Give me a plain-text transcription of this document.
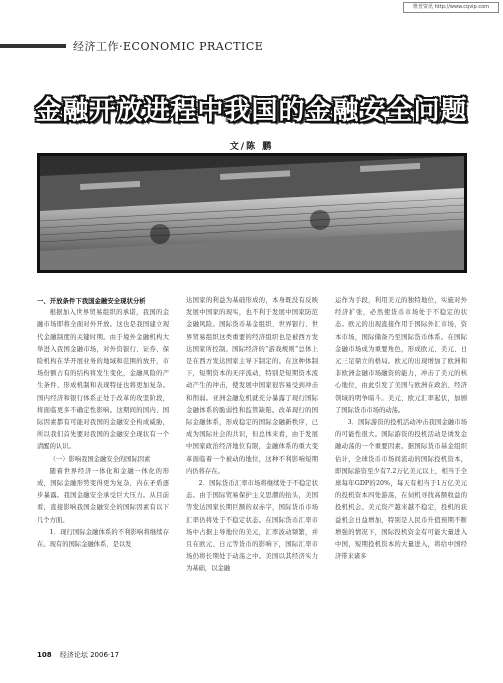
维普资讯 http://www.cqvip.com
经济工作·ECONOMIC PRACTICE
金融开放进程中我国的金融安全问题
文/陈 鹏
一、开放条件下我国金融安全现状分析

根据加入世界贸易组织的承诺，我国的金融市场即将全面对外开放。这也是我国建立现代金融制度的关键时期。由于境外金融机构大举进入我国金融市场，对外资银行、证券、保险机构在华开展业务的地域和范围的放开，市场份额占有的结构将发生变化，金融风险的产生条件、形成机制和表现特征也将更加复杂。国内经济和银行体系正处于改革的攻坚阶段，将面临更多不确定性影响。这期间的国内、国际因素都有可能对我国的金融安全构成威胁，所以我们首先要对我国的金融安全现状有一个清醒的认识。

（一）影响我国金融安全的国际因素

随着世界经济一体化和金融一体化的形成，国际金融形势变得更为复杂，内在矛盾逐步暴露。我国金融安全承受巨大压力。从目前看，直接影响我国金融安全的国际因素有以下几个方面。

1．现行国际金融体系的不利影响将继续存在。现有的国际金融体系，是以发

达国家的利益为基础形成的，本身既没有反映发展中国家的现实，也不利于发展中国家防范金融风险。国际货币基金组织、世界银行、世界贸易组织这类重要的经济组织也是被西方发达国家所控制。国际经济的“游戏规则”总体上是在西方发达国家主导下制定的。在这种体制下，短期资本的无序流动，特别是短期资本流动产生的冲击，使发展中国家很容易受到冲击和削弱。亚洲金融危机就充分暴露了现行国际金融体系的脆弱性和监管缺陷。改革现行的国际金融体系，形成稳定的国际金融新秩序，已成为国际社会的共识，但总体来看，由于发展中国家政治经济地位有限，金融体系的重大变革面临着一个被动的地位，这种不利影响短期内仍将存在。

2．国际货币汇率市场将继续处于不稳定状态。由于国际贸易保护主义思潮的抬头，美国等发达国家长期巨额的双赤字，国际货币市场汇率仍将处于不稳定状态。在国际货币汇率市场中占据主导地位的美元，汇率波动频繁，并且在欧元、日元等货币的影响下，国际汇率市场仍将长期处于动荡之中。美国以其经济实力为基础，以金融

运作为手段，利用美元的独特地位，实施对外经济扩张，必然使货币市场处于不稳定的状态。欧元的出现直接作用于国际外汇市场，资本市场，国际储备乃至国际货币体系。在国际金融市场成为重要角色，形成欧元、美元、日元三足鼎立的格局。欧元的出现增加了欧洲和非欧洲金融市场融资的能力，冲击了美元的核心地位，由此引发了美国与欧洲在政治、经济领域的明争暗斗。美元、欧元汇率起伏，加剧了国际货币市场的动荡。

3．国际游资的投机活动冲击我国金融市场的可能性很大。国际游资的投机活动是诱发金融动荡的一个重要因素。据国际货币基金组织估计，全球货币市场间流动的国际投机资本，即国际游资至少有7.2万亿美元以上，相当于全球每年GDP的20%，每天有相当于1万亿美元的投机资本四处游荡，在伺机寻找高额收益的投机机会。美元资产越来越不稳定，投机的获益机会日益增加，特别是人民币升值预期不断增强的情况下，国际投机资金有可能大量进入中国，短期投机资本的大量进入，将给中国经济带来诸多

108 经济论坛 2006·17
